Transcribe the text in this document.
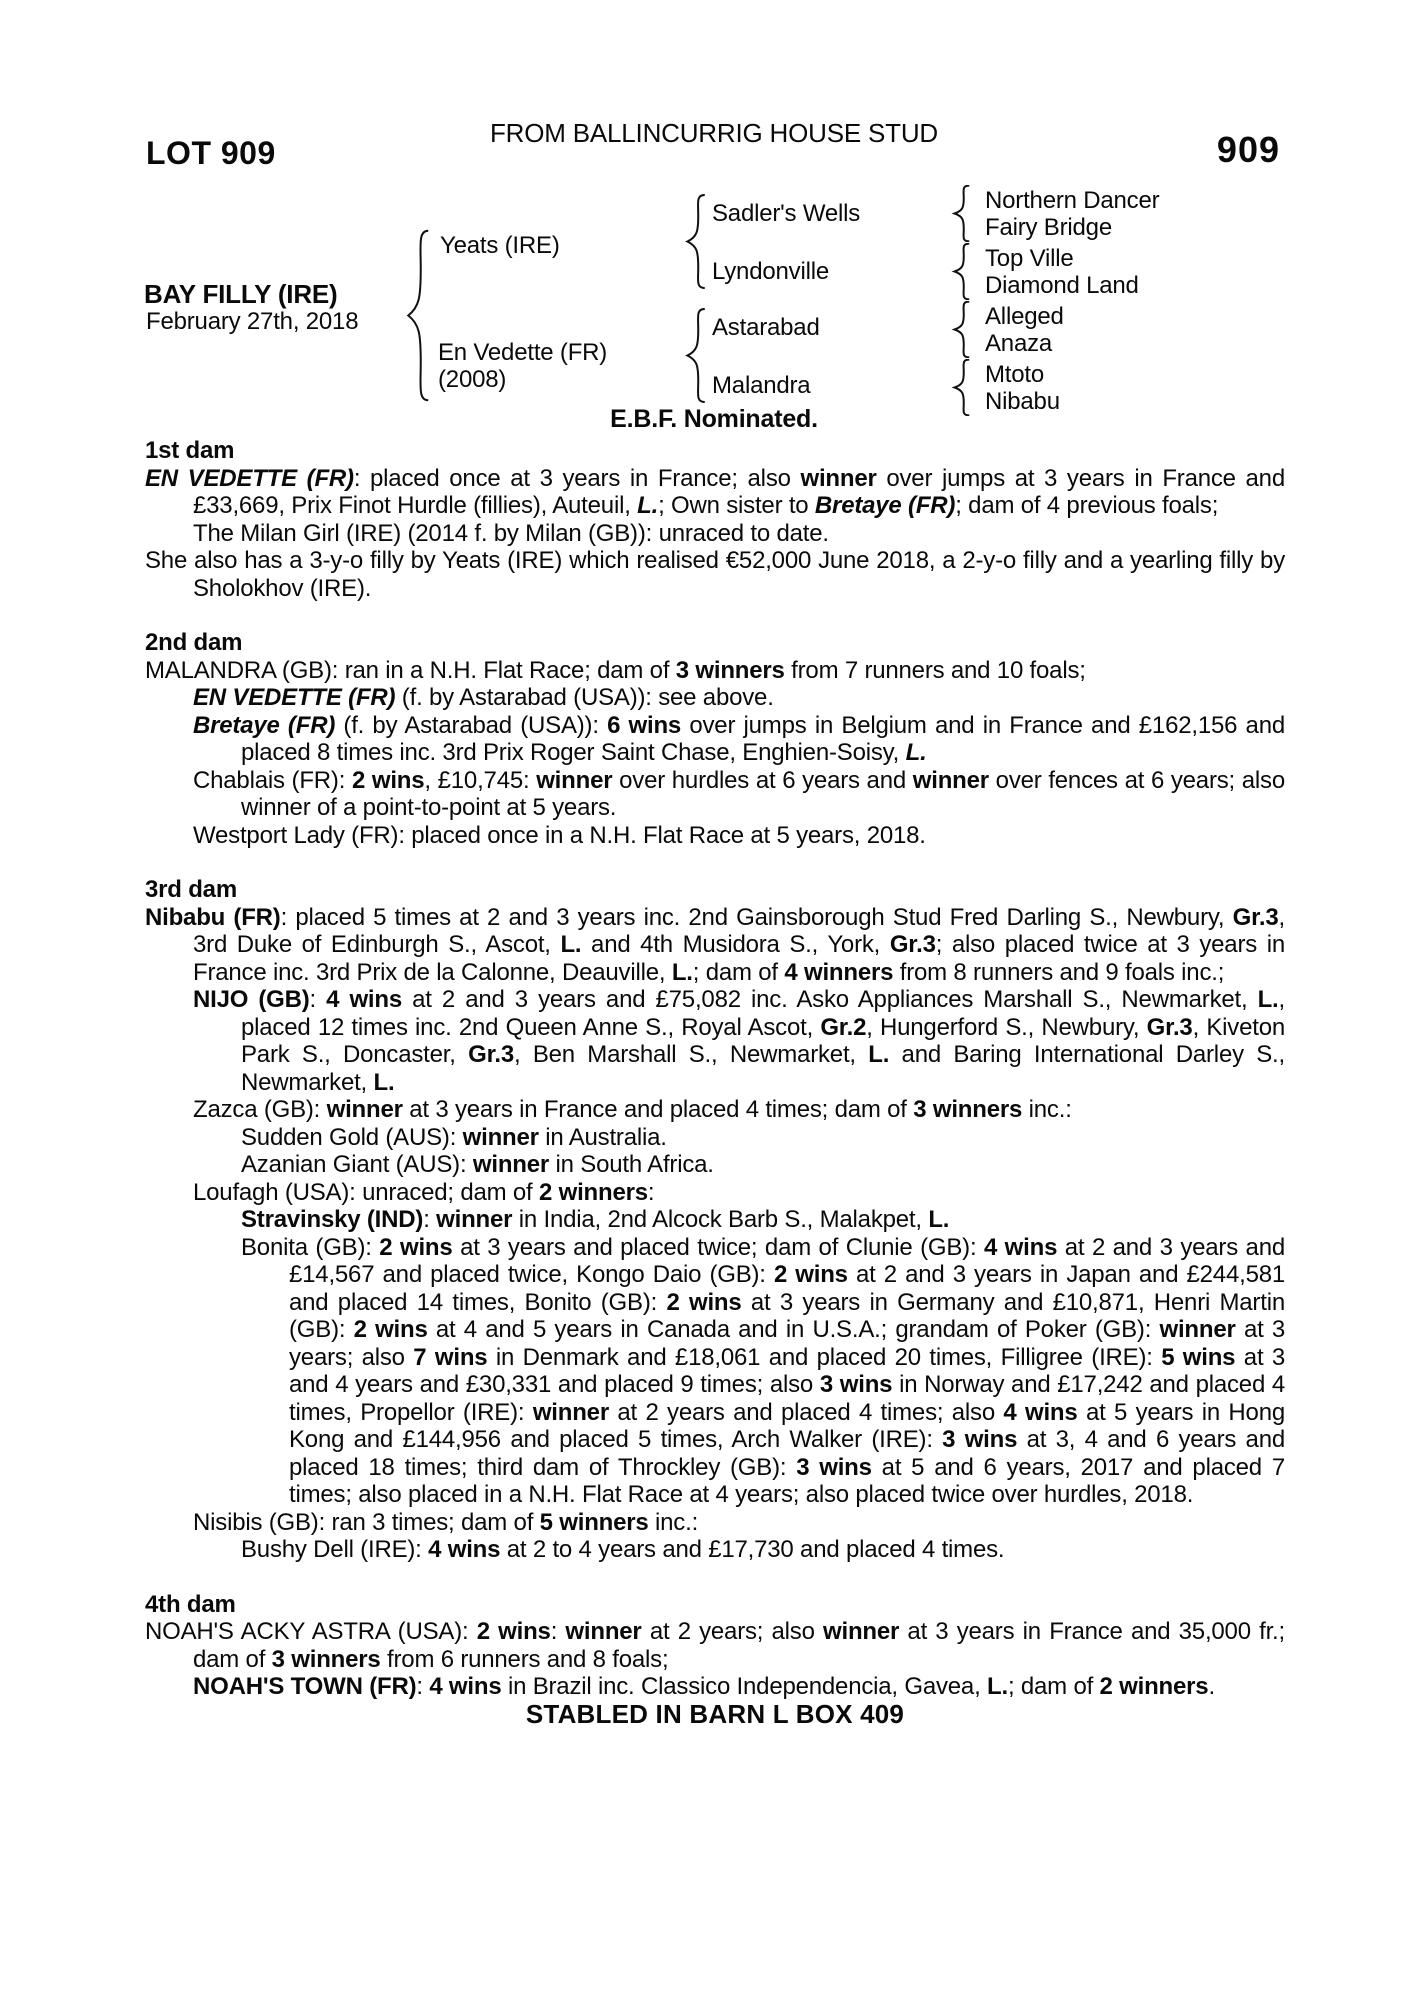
LOT 909
FROM BALLINCURRIG HOUSE STUD	909
BAY FILLY (IRE)
February 27th, 2018
Yeats (IRE)
En Vedette (FR)
(2008)
Sadler's Wells
Lyndonville
Astarabad
Malandra
Northern Dancer
Fairy Bridge
Top Ville
Diamond Land
Alleged
Anaza
Mtoto
Nibabu
E.B.F. Nominated.
1st dam
EN VEDETTE (FR): placed once at 3 years in France; also winner over jumps at 3 years in France and £33,669, Prix Finot Hurdle (fillies), Auteuil, L.; Own sister to Bretaye (FR); dam of 4 previous foals;
The Milan Girl (IRE) (2014 f. by Milan (GB)): unraced to date.
She also has a 3-y-o filly by Yeats (IRE) which realised €52,000 June 2018, a 2-y-o filly and a yearling filly by Sholokhov (IRE).
2nd dam
MALANDRA (GB): ran in a N.H. Flat Race; dam of 3 winners from 7 runners and 10 foals;
EN VEDETTE (FR) (f. by Astarabad (USA)): see above.
Bretaye (FR) (f. by Astarabad (USA)): 6 wins over jumps in Belgium and in France and £162,156 and placed 8 times inc. 3rd Prix Roger Saint Chase, Enghien-Soisy, L.
Chablais (FR): 2 wins, £10,745: winner over hurdles at 6 years and winner over fences at 6 years; also winner of a point-to-point at 5 years.
Westport Lady (FR): placed once in a N.H. Flat Race at 5 years, 2018.
3rd dam
Nibabu (FR): placed 5 times at 2 and 3 years inc. 2nd Gainsborough Stud Fred Darling S., Newbury, Gr.3, 3rd Duke of Edinburgh S., Ascot, L. and 4th Musidora S., York, Gr.3; also placed twice at 3 years in France inc. 3rd Prix de la Calonne, Deauville, L.; dam of 4 winners from 8 runners and 9 foals inc.;
NIJO (GB): 4 wins at 2 and 3 years and £75,082 inc. Asko Appliances Marshall S., Newmarket, L., placed 12 times inc. 2nd Queen Anne S., Royal Ascot, Gr.2, Hungerford S., Newbury, Gr.3, Kiveton Park S., Doncaster, Gr.3, Ben Marshall S., Newmarket, L. and Baring International Darley S., Newmarket, L.
Zazca (GB): winner at 3 years in France and placed 4 times; dam of 3 winners inc.:
Sudden Gold (AUS): winner in Australia.
Azanian Giant (AUS): winner in South Africa.
Loufagh (USA): unraced; dam of 2 winners:
Stravinsky (IND): winner in India, 2nd Alcock Barb S., Malakpet, L.
Bonita (GB): 2 wins at 3 years and placed twice; dam of Clunie (GB): 4 wins at 2 and 3 years and £14,567 and placed twice, Kongo Daio (GB): 2 wins at 2 and 3 years in Japan and £244,581 and placed 14 times, Bonito (GB): 2 wins at 3 years in Germany and £10,871, Henri Martin (GB): 2 wins at 4 and 5 years in Canada and in U.S.A.; grandam of Poker (GB): winner at 3 years; also 7 wins in Denmark and £18,061 and placed 20 times, Filligree (IRE): 5 wins at 3 and 4 years and £30,331 and placed 9 times; also 3 wins in Norway and £17,242 and placed 4 times, Propellor (IRE): winner at 2 years and placed 4 times; also 4 wins at 5 years in Hong Kong and £144,956 and placed 5 times, Arch Walker (IRE): 3 wins at 3, 4 and 6 years and placed 18 times; third dam of Throckley (GB): 3 wins at 5 and 6 years, 2017 and placed 7 times; also placed in a N.H. Flat Race at 4 years; also placed twice over hurdles, 2018.
Nisibis (GB): ran 3 times; dam of 5 winners inc.:
Bushy Dell (IRE): 4 wins at 2 to 4 years and £17,730 and placed 4 times.
4th dam
NOAH'S ACKY ASTRA (USA): 2 wins: winner at 2 years; also winner at 3 years in France and 35,000 fr.; dam of 3 winners from 6 runners and 8 foals;
NOAH'S TOWN (FR): 4 wins in Brazil inc. Classico Independencia, Gavea, L.; dam of 2 winners.
STABLED IN BARN L BOX 409
